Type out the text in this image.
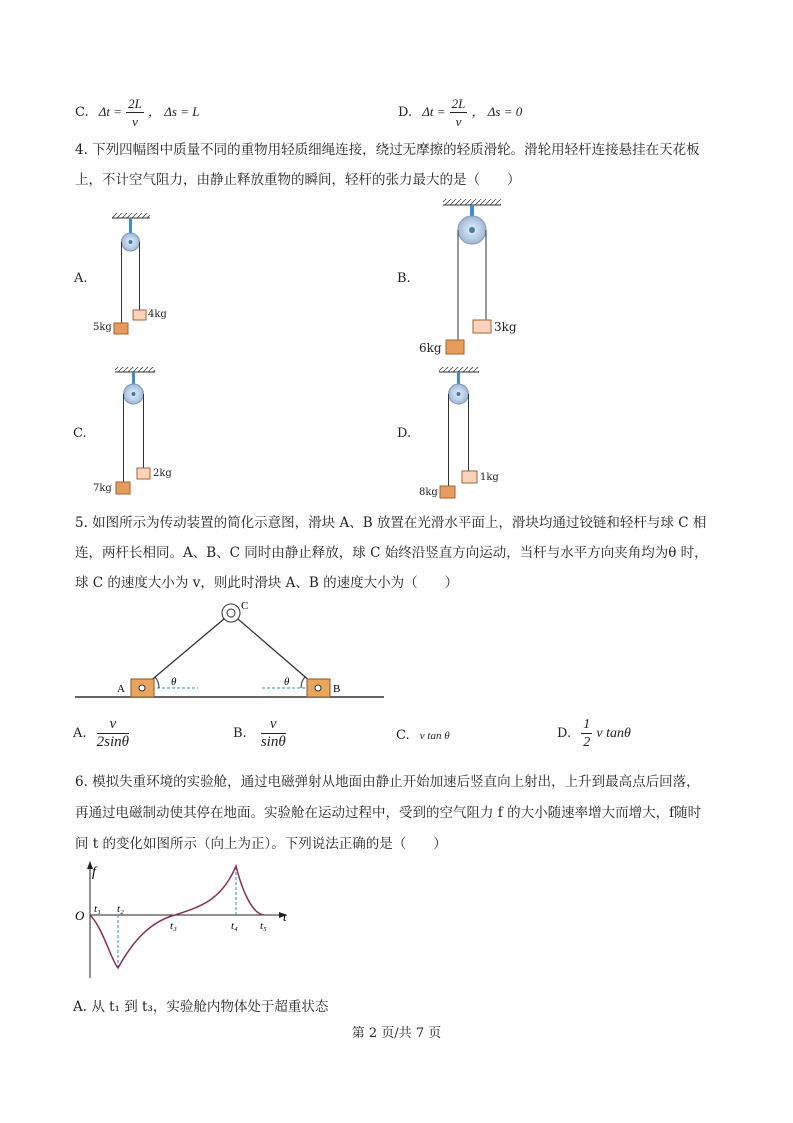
C. $\Delta t = \frac{2L}{v}$ ， Δs = L	D. $\Delta t = \frac{2L}{v}$ ， Δs = 0
4. 下列四幅图中质量不同的重物用轻质细绳连接，绕过无摩擦的轻质滑轮。滑轮用轻杆连接悬挂在天花板
上，不计空气阻力，由静止释放重物的瞬间，轻杆的张力最大的是（　　）
A	B
C
θ	θ
f
t
O t₁ t₂
t₃	t₄ t₅
A.
5kg
4kg
B.
6kg
3kg
C.
7kg
2kg
D.
8kg
1kg
5. 如图所示为传动装置的简化示意图，滑块 A、B 放置在光滑水平面上，滑块均通过铰链和轻杆与球 C 相
连，两杆长相同。A、B、C 同时由静止释放，球 C 始终沿竖直方向运动，当杆与水平方向夹角均为θ 时，
球 C 的速度大小为 v，则此时滑块 A、B 的速度大小为（　　）
A. $\frac{v}{2\sin\theta}$	B. $\frac{v}{\sin\theta}$	C. v tan θ	D. $\frac{1}{2}$ v tanθ
6. 模拟失重环境的实验舱，通过电磁弹射从地面由静止开始加速后竖直向上射出，上升到最高点后回落，
再通过电磁制动使其停在地面。实验舱在运动过程中，受到的空气阻力 f 的大小随速率增大而增大，f随时
间 t 的变化如图所示（向上为正）。下列说法正确的是（　　）
A. 从 t₁ 到 t₃，实验舱内物体处于超重状态
第 2 页/共 7 页
